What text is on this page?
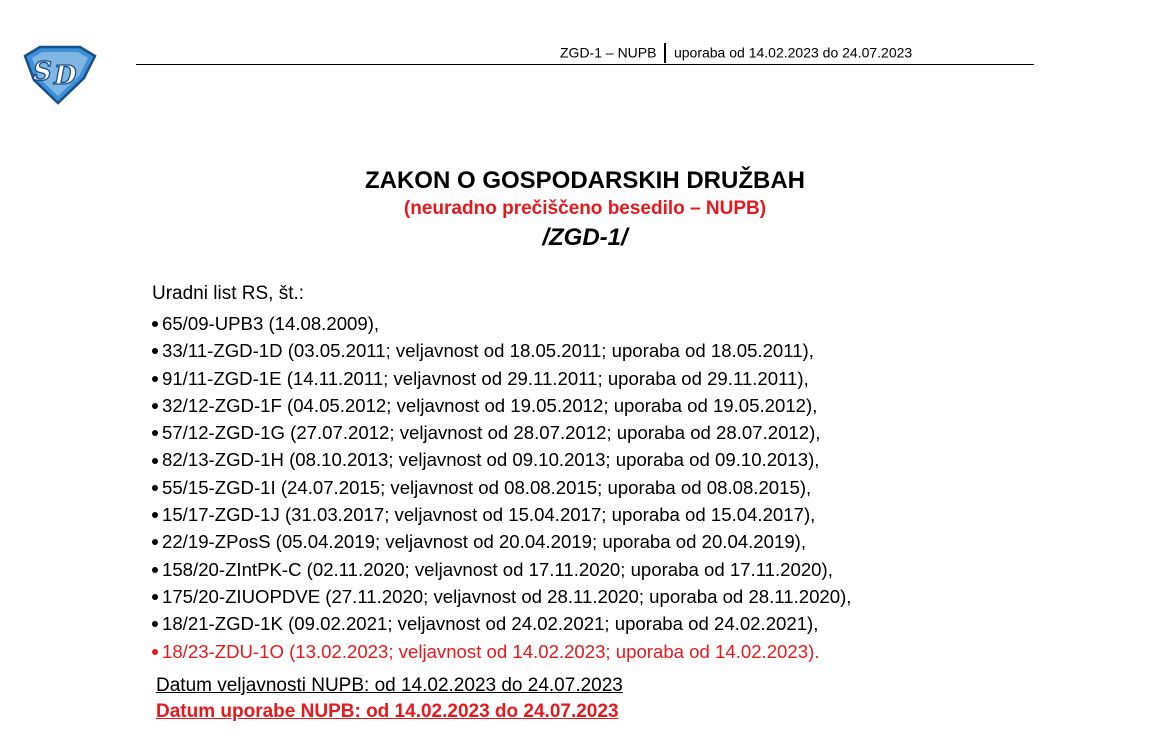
S D
ZGD-1 – NUPB uporaba od 14.02.2023 do 24.07.2023
ZAKON O GOSPODARSKIH DRUŽBAH
(neuradno prečiščeno besedilo – NUPB)
/ZGD-1/
Uradni list RS, št.:
65/09-UPB3 (14.08.2009),
33/11-ZGD-1D (03.05.2011; veljavnost od 18.05.2011; uporaba od 18.05.2011),
91/11-ZGD-1E (14.11.2011; veljavnost od 29.11.2011; uporaba od 29.11.2011),
32/12-ZGD-1F (04.05.2012; veljavnost od 19.05.2012; uporaba od 19.05.2012),
57/12-ZGD-1G (27.07.2012; veljavnost od 28.07.2012; uporaba od 28.07.2012),
82/13-ZGD-1H (08.10.2013; veljavnost od 09.10.2013; uporaba od 09.10.2013),
55/15-ZGD-1I (24.07.2015; veljavnost od 08.08.2015; uporaba od 08.08.2015),
15/17-ZGD-1J (31.03.2017; veljavnost od 15.04.2017; uporaba od 15.04.2017),
22/19-ZPosS (05.04.2019; veljavnost od 20.04.2019; uporaba od 20.04.2019),
158/20-ZIntPK-C (02.11.2020; veljavnost od 17.11.2020; uporaba od 17.11.2020),
175/20-ZIUOPDVE (27.11.2020; veljavnost od 28.11.2020; uporaba od 28.11.2020),
18/21-ZGD-1K (09.02.2021; veljavnost od 24.02.2021; uporaba od 24.02.2021),
18/23-ZDU-1O (13.02.2023; veljavnost od 14.02.2023; uporaba od 14.02.2023).
Datum veljavnosti NUPB: od 14.02.2023 do 24.07.2023
Datum uporabe NUPB: od 14.02.2023 do 24.07.2023
